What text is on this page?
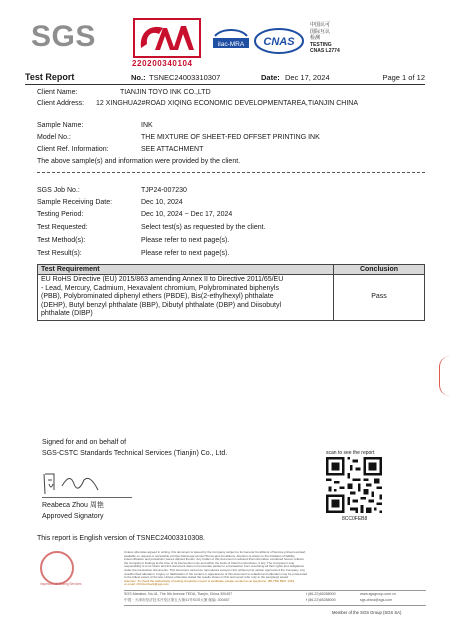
SGS
220200340104
ilac-MRA CNAS
中国认可
国际互认
检测
TESTING
CNAS L2774
Test Report	No.: TSNEC24003310307	Date: Dec 17, 2024	Page 1 of 12
Client Name:	TIANJIN TOYO INK CO.,LTD
Client Address: 12 XINGHUA2#ROAD XIQING ECONOMIC DEVELOPMENTAREA,TIANJIN CHINA
Sample Name:	INK
Model No.:	THE MIXTURE OF SHEET-FED OFFSET PRINTING INK
Client Ref. Information:	SEE ATTACHMENT
The above sample(s) and information were provided by the client.
SGS Job No.:	TJP24-007230
Sample Receiving Date:	Dec 10, 2024
Testing Period:	Dec 10, 2024 ~ Dec 17, 2024
Test Requested:	Select test(s) as requested by the client.
Test Method(s):	Please refer to next page(s).
Test Result(s):	Please refer to next page(s).
Test Requirement	Conclusion

EU RoHS Directive (EU) 2015/863 amending Annex II to Directive 2011/65/EU
- Lead, Mercury, Cadmium, Hexavalent chromium, Polybrominated biphenyls
(PBB), Polybrominated diphenyl ethers (PBDE), Bis(2-ethylhexyl) phthalate
(DEHP), Butyl benzyl phthalate (BBP), Dibutyl phthalate (DBP) and Diisobutyl
phthalate (DIBP)	Pass
Signed for and on behalf of
SGS-CSTC Standards Technical Services (Tianjin) Co., Ltd.
Reabeca Zhou 周艳
Approved Signatory
scan to see the report
8CC0FEB8
This report is English version of TSNEC24003310308.
Inspection & Testing Services
Unless otherwise agreed in writing, this document is issued by the Company subject to its General Conditions of Service printed overleaf,
available on request or accessible at https://www.sgs.com/en/Terms-and-Conditions. Attention is drawn to the limitation of liability,
indemnification and jurisdiction issues defined therein. Any holder of this document is advised that information contained hereon reflects
the Company's findings at the time of its intervention only and within the limits of Client's instructions, if any. The Company's sole
responsibility is to its Client and this document does not exonerate parties to a transaction from exercising all their rights and obligations
under the transaction documents. This document cannot be reproduced except in full, without prior written approval of the Company. Any
unauthorized alteration, forgery or falsification of the content or appearance of this document is unlawful and offenders may be prosecuted
to the fullest extent of the law. Unless otherwise stated the results shown in this test report refer only to the sample(s) tested.
Attention: To check the authenticity of testing /inspection report & certificate, please contact us at telephone: (86-755) 8307 1443,
or email: CN.Doccheck@sgs.com
SGS Mansion, No.41, The 5th Avenue TEDA, Tianjin, China 300457
中国・天津市经济技术开发区第五大街41号SGS大厦 邮编: 300457
t (86-22)65288000
f (86-22)65288000
www.sgsgroup.com.cn
sgs.china@sgs.com
Member of the SGS Group (SGS SA)
